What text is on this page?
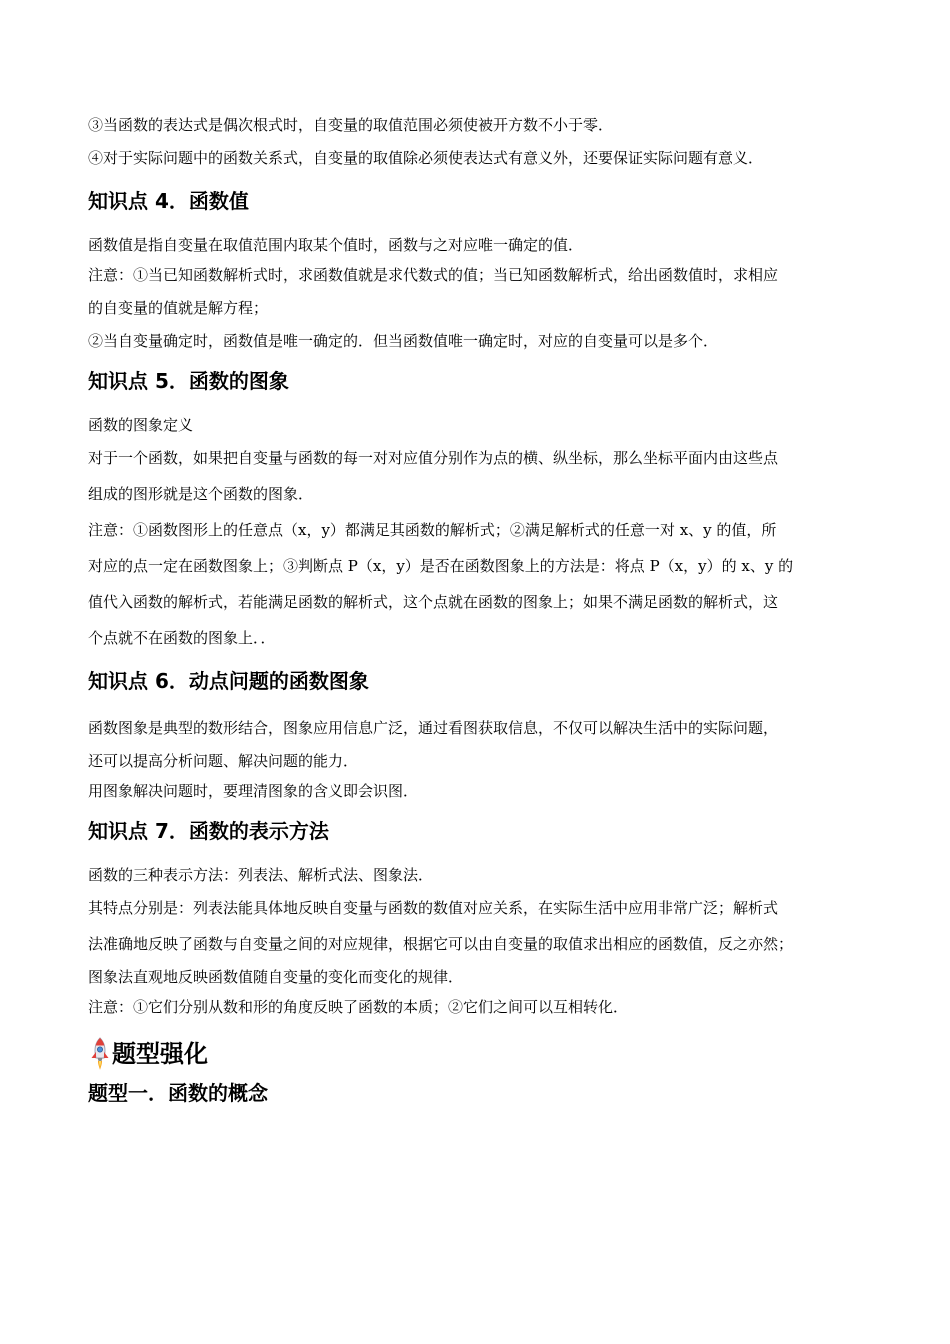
③当函数的表达式是偶次根式时，自变量的取值范围必须使被开方数不小于零．

④对于实际问题中的函数关系式，自变量的取值除必须使表达式有意义外，还要保证实际问题有意义．

知识点 4．函数值

函数值是指自变量在取值范围内取某个值时，函数与之对应唯一确定的值．

注意：①当已知函数解析式时，求函数值就是求代数式的值；当已知函数解析式，给出函数值时，求相应

的自变量的值就是解方程；

②当自变量确定时，函数值是唯一确定的．但当函数值唯一确定时，对应的自变量可以是多个．

知识点 5．函数的图象

函数的图象定义

对于一个函数，如果把自变量与函数的每一对对应值分别作为点的横、纵坐标，那么坐标平面内由这些点

组成的图形就是这个函数的图象．

注意：①函数图形上的任意点（x，y）都满足其函数的解析式；②满足解析式的任意一对 x、y 的值，所

对应的点一定在函数图象上；③判断点 P（x，y）是否在函数图象上的方法是：将点 P（x，y）的 x、y 的

值代入函数的解析式，若能满足函数的解析式，这个点就在函数的图象上；如果不满足函数的解析式，这

个点就不在函数的图象上．．

知识点 6．动点问题的函数图象

函数图象是典型的数形结合，图象应用信息广泛，通过看图获取信息，不仅可以解决生活中的实际问题，

还可以提高分析问题、解决问题的能力．

用图象解决问题时，要理清图象的含义即会识图．

知识点 7．函数的表示方法

函数的三种表示方法：列表法、解析式法、图象法．

其特点分别是：列表法能具体地反映自变量与函数的数值对应关系，在实际生活中应用非常广泛；解析式

法准确地反映了函数与自变量之间的对应规律，根据它可以由自变量的取值求出相应的函数值，反之亦然；

图象法直观地反映函数值随自变量的变化而变化的规律．

注意：①它们分别从数和形的角度反映了函数的本质；②它们之间可以互相转化．

题型强化
题型一．函数的概念
